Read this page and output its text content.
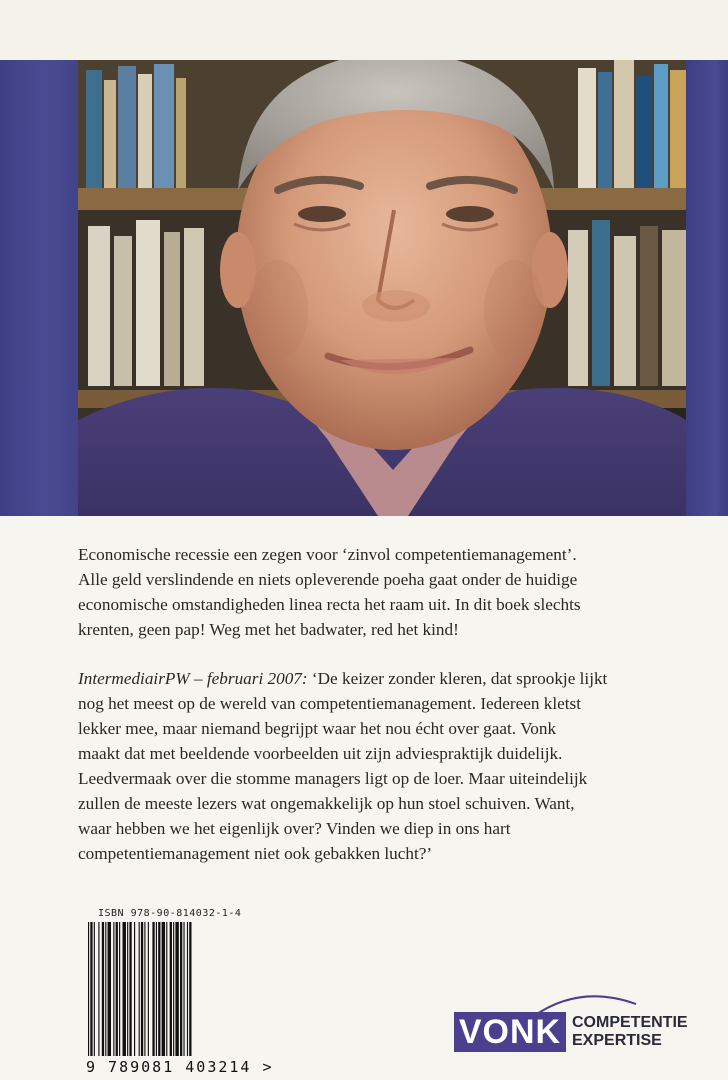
Economische recessie een zegen voor ‘zinvol competentiemanagement’.
Alle geld verslindende en niets opleverende poeha gaat onder de huidige
economische omstandigheden linea recta het raam uit. In dit boek slechts
krenten, geen pap! Weg met het badwater, red het kind!
IntermediairPW – februari 2007: ‘De keizer zonder kleren, dat sprookje lijkt
nog het meest op de wereld van competentiemanagement. Iedereen kletst
lekker mee, maar niemand begrijpt waar het nou écht over gaat. Vonk
maakt dat met beeldende voorbeelden uit zijn adviespraktijk duidelijk.
Leedvermaak over die stomme managers ligt op de loer. Maar uiteindelijk
zullen de meeste lezers wat ongemakkelijk op hun stoel schuiven. Want,
waar hebben we het eigenlijk over? Vinden we diep in ons hart
competentiemanagement niet ook gebakken lucht?’
ISBN 978-90-814032-1-4
9 789081 403214 >
VONK COMPETENTIE
EXPERTISE
